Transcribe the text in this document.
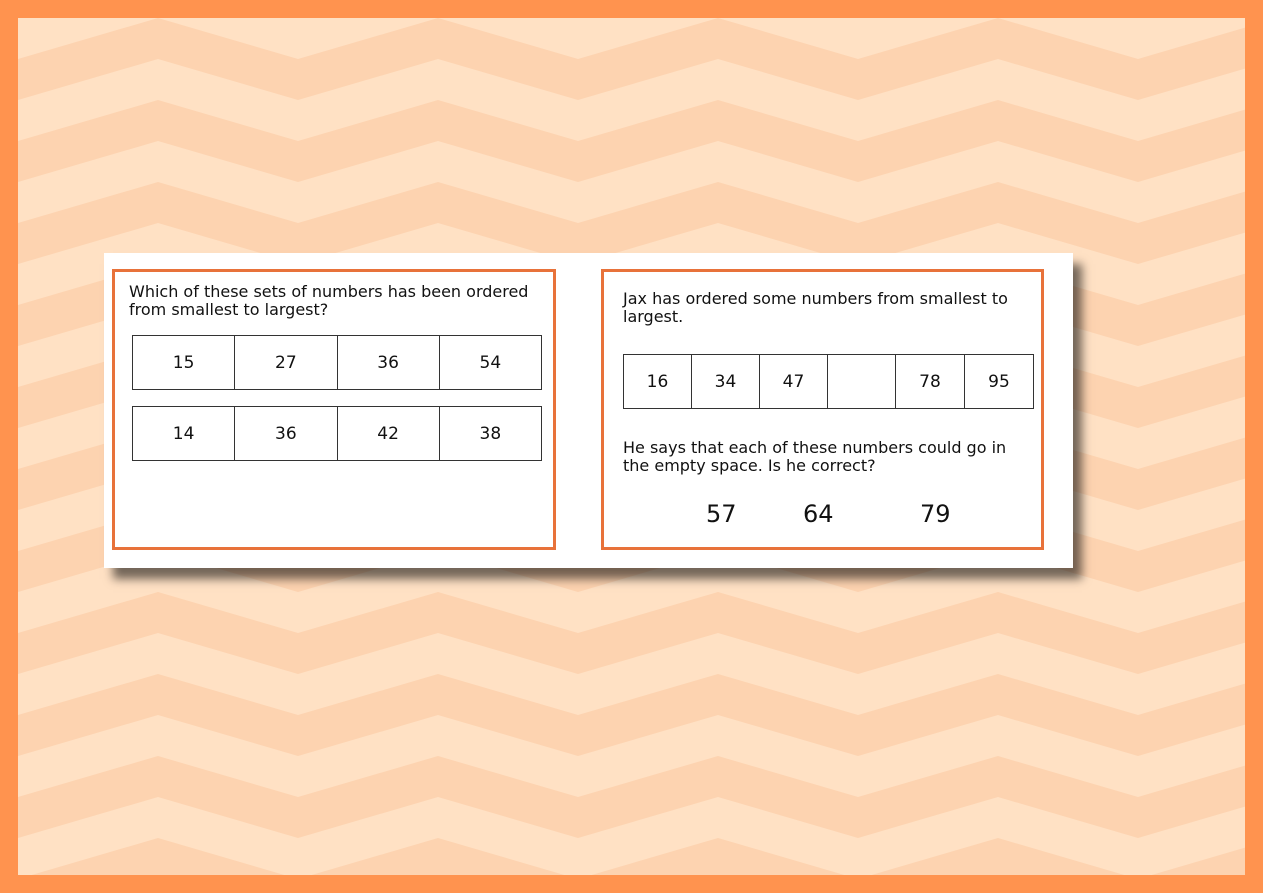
Which of these sets of numbers has been ordered from smallest to largest?

15	27	36	54
14	36	42	38

Jax has ordered some numbers from smallest to largest.

16	34	47		78	95

He says that each of these numbers could go in the empty space. Is he correct?

57	64	79
